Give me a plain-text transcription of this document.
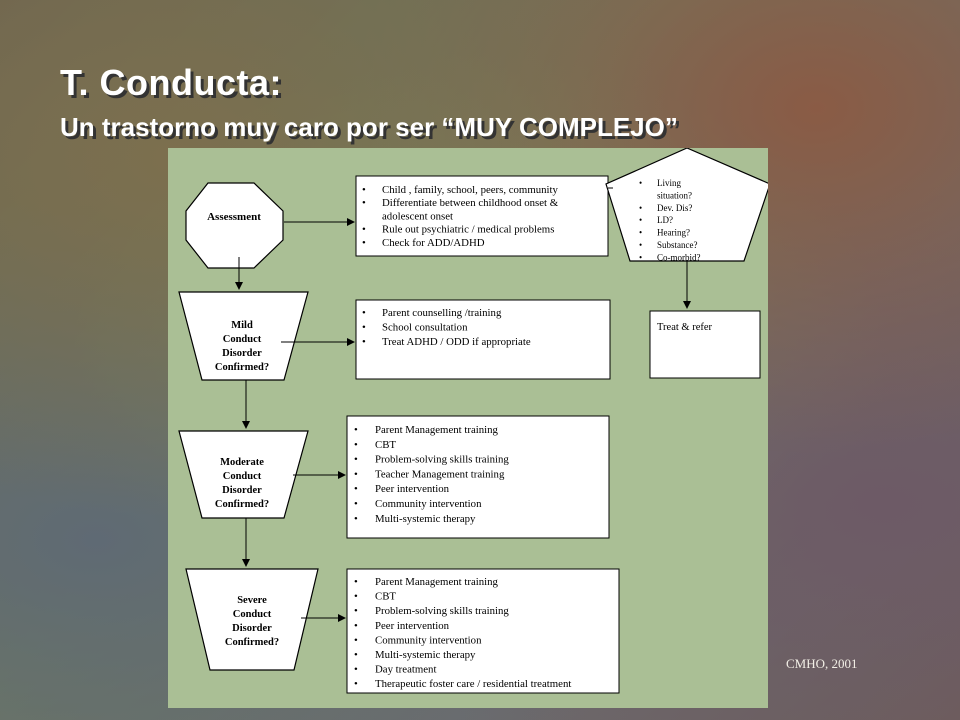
T. Conducta:
Un trastorno muy caro por ser “MUY COMPLEJO”
Assessment
• Child , family, school, peers, community
• Differentiate between childhood onset &
adolescent onset
• Rule out psychiatric / medical problems
• Check for ADD/ADHD
• Living
situation?
• Dev. Dis?
• LD?
• Hearing?
• Substance?
• Co-morbid?
Treat & refer
Mild
Conduct
Disorder
Confirmed?
• Parent counselling /training
• School consultation
• Treat ADHD / ODD if appropriate
Moderate
Conduct
Disorder
Confirmed?
• Parent Management training
• CBT
• Problem-solving skills training
• Teacher Management training
• Peer intervention
• Community intervention
• Multi-systemic therapy
Severe
Conduct
Disorder
Confirmed?
• Parent Management training
• CBT
• Problem-solving skills training
• Peer intervention
• Community intervention
• Multi-systemic therapy
• Day treatment
• Therapeutic foster care / residential treatment
CMHO, 2001
